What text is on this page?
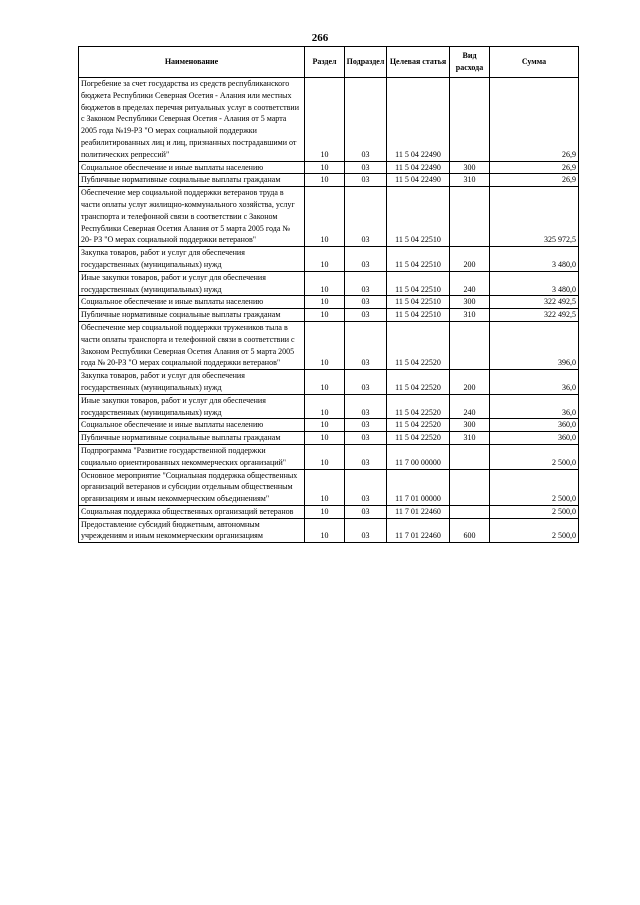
266
Наименование	Раздел	Подраздел	Целевая статья	Вид расхода	Сумма
Погребение за счет государства из средств республиканского бюджета Республики Северная Осетия - Алания или местных бюджетов в пределах перечня ритуальных услуг в соответствии с Законом Республики Северная Осетия - Алания от 5 марта 2005 года №19-РЗ "О мерах социальной поддержки реабилитированных лиц и лиц, признанных пострадавшими от политических репрессий"	10	03	11 5 04 22490		26,9
Социальное обеспечение и иные выплаты населению	10	03	11 5 04 22490	300	26,9
Публичные нормативные социальные выплаты гражданам	10	03	11 5 04 22490	310	26,9
Обеспечение мер социальной поддержки ветеранов труда в части оплаты услуг жилищно-коммунального хозяйства, услуг транспорта и телефонной связи в соответствии с Законом Республики Северная Осетия Алания от 5 марта 2005 года № 20- РЗ "О мерах социальной поддержки ветеранов"	10	03	11 5 04 22510		325 972,5
Закупка товаров, работ и услуг для обеспечения государственных (муниципальных) нужд	10	03	11 5 04 22510	200	3 480,0
Иные закупки товаров, работ и услуг для обеспечения государственных (муниципальных) нужд	10	03	11 5 04 22510	240	3 480,0
Социальное обеспечение и иные выплаты населению	10	03	11 5 04 22510	300	322 492,5
Публичные нормативные социальные выплаты гражданам	10	03	11 5 04 22510	310	322 492,5
Обеспечение мер социальной поддержки тружеников тыла в части оплаты транспорта и телефонной связи в соответствии с Законом Республики Северная Осетия Алания от 5 марта 2005 года № 20-РЗ "О мерах социальной поддержки ветеранов"	10	03	11 5 04 22520		396,0
Закупка товаров, работ и услуг для обеспечения государственных (муниципальных) нужд	10	03	11 5 04 22520	200	36,0
Иные закупки товаров, работ и услуг для обеспечения государственных (муниципальных) нужд	10	03	11 5 04 22520	240	36,0
Социальное обеспечение и иные выплаты населению	10	03	11 5 04 22520	300	360,0
Публичные нормативные социальные выплаты гражданам	10	03	11 5 04 22520	310	360,0
Подпрограмма "Развитие государственной поддержки социально ориентированных некоммерческих организаций"	10	03	11 7 00 00000		2 500,0
Основное мероприятие "Социальная поддержка общественных организаций ветеранов и субсидии отдельным общественным организациям и иным некоммерческим объединениям"	10	03	11 7 01 00000		2 500,0
Социальная поддержка общественных организаций ветеранов	10	03	11 7 01 22460		2 500,0
Предоставление субсидий бюджетным, автономным учреждениям и иным некоммерческим организациям	10	03	11 7 01 22460	600	2 500,0
